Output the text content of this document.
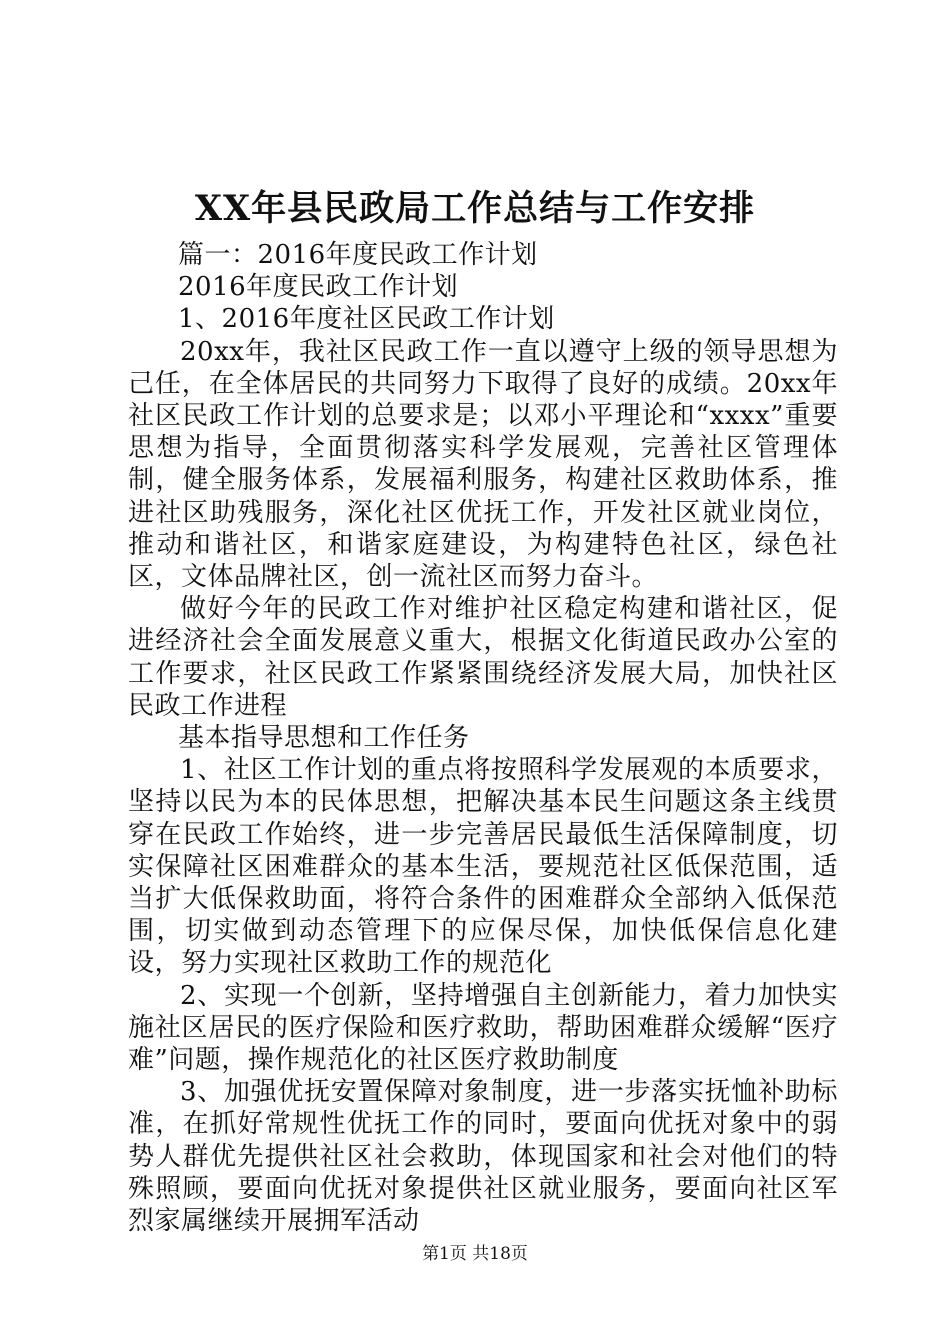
XX年县民政局工作总结与工作安排

篇一：2016年度民政工作计划

2016年度民政工作计划

1、2016年度社区民政工作计划

20xx年，我社区民政工作一直以遵守上级的领导思想为己任，在全体居民的共同努力下取得了良好的成绩。20xx年社区民政工作计划的总要求是；以邓小平理论和“xxxx”重要思想为指导，全面贯彻落实科学发展观，完善社区管理体制，健全服务体系，发展福利服务，构建社区救助体系，推进社区助残服务，深化社区优抚工作，开发社区就业岗位，推动和谐社区，和谐家庭建设，为构建特色社区，绿色社区，文体品牌社区，创一流社区而努力奋斗。

做好今年的民政工作对维护社区稳定构建和谐社区，促进经济社会全面发展意义重大，根据文化街道民政办公室的工作要求，社区民政工作紧紧围绕经济发展大局，加快社区民政工作进程

基本指导思想和工作任务

1、社区工作计划的重点将按照科学发展观的本质要求，坚持以民为本的民体思想，把解决基本民生问题这条主线贯穿在民政工作始终，进一步完善居民最低生活保障制度，切实保障社区困难群众的基本生活，要规范社区低保范围，适当扩大低保救助面，将符合条件的困难群众全部纳入低保范围，切实做到动态管理下的应保尽保，加快低保信息化建设，努力实现社区救助工作的规范化

2、实现一个创新，坚持增强自主创新能力，着力加快实施社区居民的医疗保险和医疗救助，帮助困难群众缓解“医疗难”问题，操作规范化的社区医疗救助制度

3、加强优抚安置保障对象制度，进一步落实抚恤补助标准，在抓好常规性优抚工作的同时，要面向优抚对象中的弱势人群优先提供社区社会救助，体现国家和社会对他们的特殊照顾，要面向优抚对象提供社区就业服务，要面向社区军烈家属继续开展拥军活动

第1页 共18页
